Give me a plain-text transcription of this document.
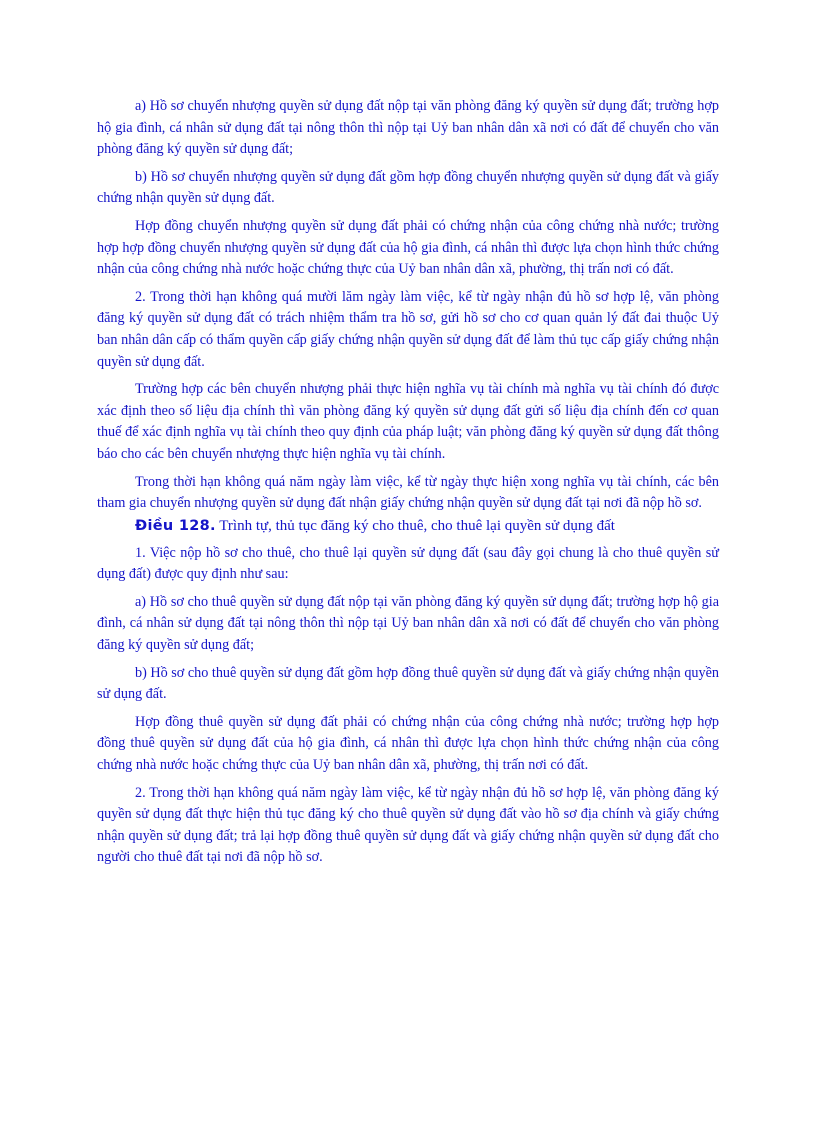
a) Hồ sơ chuyển nhượng quyền sử dụng đất nộp tại văn phòng đăng ký quyền sử dụng đất; trường hợp hộ gia đình, cá nhân sử dụng đất tại nông thôn thì nộp tại Uỷ ban nhân dân xã nơi có đất để chuyển cho văn phòng đăng ký quyền sử dụng đất;

b) Hồ sơ chuyển nhượng quyền sử dụng đất gồm hợp đồng chuyển nhượng quyền sử dụng đất và giấy chứng nhận quyền sử dụng đất.

Hợp đồng chuyển nhượng quyền sử dụng đất phải có chứng nhận của công chứng nhà nước; trường hợp hợp đồng chuyển nhượng quyền sử dụng đất của hộ gia đình, cá nhân thì được lựa chọn hình thức chứng nhận của công chứng nhà nước hoặc chứng thực của Uỷ ban nhân dân xã, phường, thị trấn nơi có đất.

2. Trong thời hạn không quá mười lăm ngày làm việc, kể từ ngày nhận đủ hồ sơ hợp lệ, văn phòng đăng ký quyền sử dụng đất có trách nhiệm thẩm tra hồ sơ, gửi hồ sơ cho cơ quan quản lý đất đai thuộc Uỷ ban nhân dân cấp có thẩm quyền cấp giấy chứng nhận quyền sử dụng đất để làm thủ tục cấp giấy chứng nhận quyền sử dụng đất.

Trường hợp các bên chuyển nhượng phải thực hiện nghĩa vụ tài chính mà nghĩa vụ tài chính đó được xác định theo số liệu địa chính thì văn phòng đăng ký quyền sử dụng đất gửi số liệu địa chính đến cơ quan thuế để xác định nghĩa vụ tài chính theo quy định của pháp luật; văn phòng đăng ký quyền sử dụng đất thông báo cho các bên chuyển nhượng thực hiện nghĩa vụ tài chính.

Trong thời hạn không quá năm ngày làm việc, kể từ ngày thực hiện xong nghĩa vụ tài chính, các bên tham gia chuyển nhượng quyền sử dụng đất nhận giấy chứng nhận quyền sử dụng đất tại nơi đã nộp hồ sơ.

Điều 128. Trình tự, thủ tục đăng ký cho thuê, cho thuê lại quyền sử dụng đất

1. Việc nộp hồ sơ cho thuê, cho thuê lại quyền sử dụng đất (sau đây gọi chung là cho thuê quyền sử dụng đất) được quy định như sau:

a) Hồ sơ cho thuê quyền sử dụng đất nộp tại văn phòng đăng ký quyền sử dụng đất; trường hợp hộ gia đình, cá nhân sử dụng đất tại nông thôn thì nộp tại Uỷ ban nhân dân xã nơi có đất để chuyển cho văn phòng đăng ký quyền sử dụng đất;

b) Hồ sơ cho thuê quyền sử dụng đất gồm hợp đồng thuê quyền sử dụng đất và giấy chứng nhận quyền sử dụng đất.

Hợp đồng thuê quyền sử dụng đất phải có chứng nhận của công chứng nhà nước; trường hợp hợp đồng thuê quyền sử dụng đất của hộ gia đình, cá nhân thì được lựa chọn hình thức chứng nhận của công chứng nhà nước hoặc chứng thực của Uỷ ban nhân dân xã, phường, thị trấn nơi có đất.

2. Trong thời hạn không quá năm ngày làm việc, kể từ ngày nhận đủ hồ sơ hợp lệ, văn phòng đăng ký quyền sử dụng đất thực hiện thủ tục đăng ký cho thuê quyền sử dụng đất vào hồ sơ địa chính và giấy chứng nhận quyền sử dụng đất; trả lại hợp đồng thuê quyền sử dụng đất và giấy chứng nhận quyền sử dụng đất cho người cho thuê đất tại nơi đã nộp hồ sơ.
